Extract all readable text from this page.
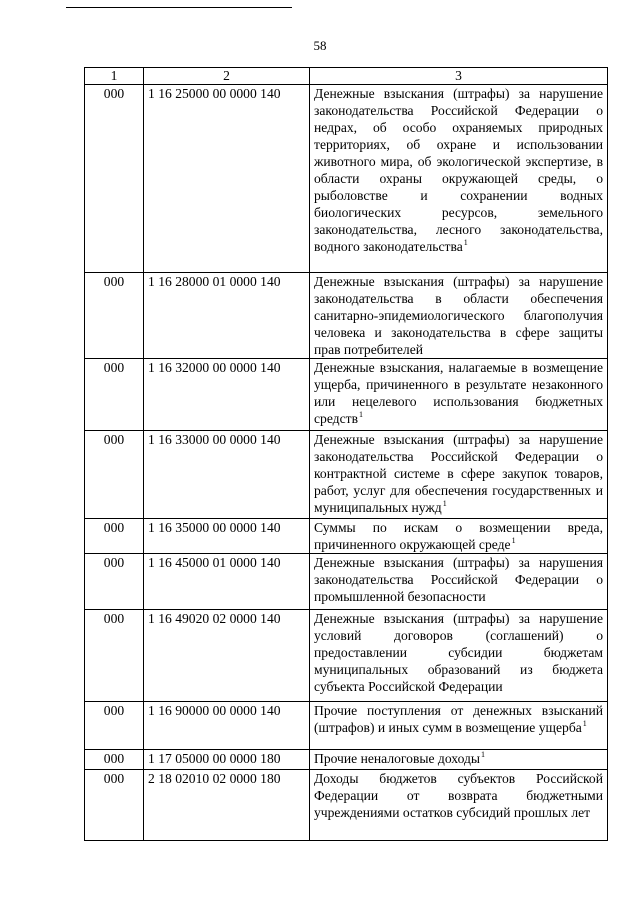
58
1	2	3
000	1 16 25000 00 0000 140	Денежные взыскания (штрафы) за нарушение законодательства Российской Федерации о недрах, об особо охраняемых природных территориях, об охране и использовании животного мира, об экологической экспертизе, в области охраны окружающей среды, о рыболовстве и сохранении водных биологических ресурсов, земельного законодательства, лесного законодательства, водного законодательства$^1$
000	1 16 28000 01 0000 140	Денежные взыскания (штрафы) за нарушение законодательства в области обеспечения санитарно-эпидемиологического благополучия человека и законодательства в сфере защиты прав потребителей
000	1 16 32000 00 0000 140	Денежные взыскания, налагаемые в возмещение ущерба, причиненного в результате незаконного или нецелевого использования бюджетных средств$^1$
000	1 16 33000 00 0000 140	Денежные взыскания (штрафы) за нарушение законодательства Российской Федерации о контрактной системе в сфере закупок товаров, работ, услуг для обеспечения государственных и муниципальных нужд$^1$
000	1 16 35000 00 0000 140	Суммы по искам о возмещении вреда, причиненного окружающей среде$^1$
000	1 16 45000 01 0000 140	Денежные взыскания (штрафы) за нарушения законодательства Российской Федерации о промышленной безопасности
000	1 16 49020 02 0000 140	Денежные взыскания (штрафы) за нарушение условий договоров (соглашений) о предоставлении субсидии бюджетам муниципальных образований из бюджета субъекта Российской Федерации
000	1 16 90000 00 0000 140	Прочие поступления от денежных взысканий (штрафов) и иных сумм в возмещение ущерба$^1$
000	1 17 05000 00 0000 180	Прочие неналоговые доходы$^1$
000	2 18 02010 02 0000 180	Доходы бюджетов субъектов Российской Федерации от возврата бюджетными учреждениями остатков субсидий прошлых лет
